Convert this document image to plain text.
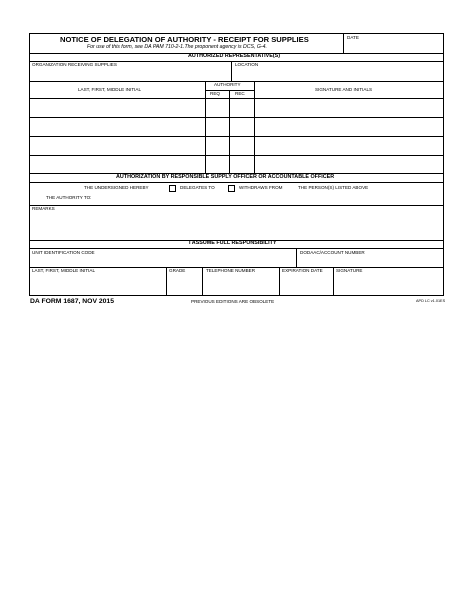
NOTICE OF DELEGATION OF AUTHORITY - RECEIPT FOR SUPPLIES
For use of this form, see DA PAM 710-2-1.The proponent agency is DCS, G-4.
DATE
AUTHORIZED REPRESENTATIVE(S)
ORGANIZATION RECEIVING SUPPLIES	LOCATION
LAST, FIRST, MIDDLE INITIAL
AUTHORITY
REQ	REC
SIGNATURE AND INITIALS
AUTHORIZATION BY RESPONSIBLE SUPPLY OFFICER OR ACCOUNTABLE OFFICER
THE UNDERSIGNED HEREBY	DELEGATES TO	WITHDRAWS FROM	THE PERSON(S) LISTED ABOVE
THE AUTHORITY TO:
REMARKS
I ASSUME FULL RESPONSIBILITY
UNIT IDENTIFICATION CODE	DODAAC/ACCOUNT NUMBER
LAST, FIRST, MIDDLE INITIAL	GRADE	TELEPHONE NUMBER	EXPIRATION DATE	SIGNATURE
DA FORM 1687, NOV 2015	PREVIOUS EDITIONS ARE OBSOLETE	APD LC v1.01ES
